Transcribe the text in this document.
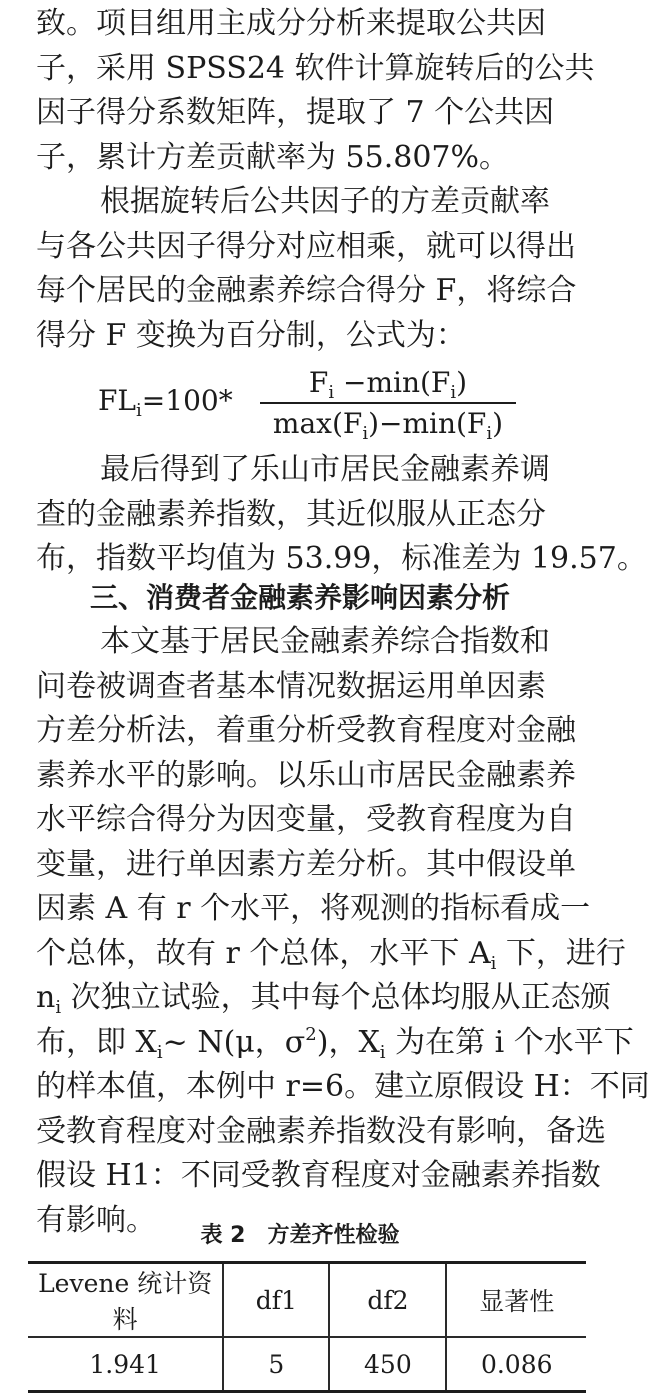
致。项目组用主成分分析来提取公共因
子，采用 SPSS24 软件计算旋转后的公共
因子得分系数矩阵，提取了 7 个公共因
子，累计方差贡献率为 55.807%。

根据旋转后公共因子的方差贡献率
与各公共因子得分对应相乘，就可以得出
每个居民的金融素养综合得分 F，将综合
得分 F 变换为百分制，公式为：

$FL_i=100*$
$F_i -\min(F_i)$
$\max(F_i)-\min(F_i)$

最后得到了乐山市居民金融素养调
查的金融素养指数，其近似服从正态分
布，指数平均值为 53.99，标准差为 19.57。

三、消费者金融素养影响因素分析

本文基于居民金融素养综合指数和
问卷被调查者基本情况数据运用单因素
方差分析法，着重分析受教育程度对金融
素养水平的影响。以乐山市居民金融素养
水平综合得分为因变量，受教育程度为自
变量，进行单因素方差分析。其中假设单
因素 A 有 r 个水平，将观测的指标看成一
个总体，故有 r 个总体，水平下 $A_i$ 下，进行
$n_i$ 次独立试验，其中每个总体均服从正态颁
布，即 $X_i\sim$ N(μ，$\sigma^2$)，$X_i$ 为在第 i 个水平下
的样本值，本例中 r=6。建立原假设 H：不同
受教育程度对金融素养指数没有影响，备选
假设 H1：不同受教育程度对金融素养指数
有影响。	表 2　方差齐性检验
Levene 统计资料	df1	df2	显著性
1.941	5	450	0.086
